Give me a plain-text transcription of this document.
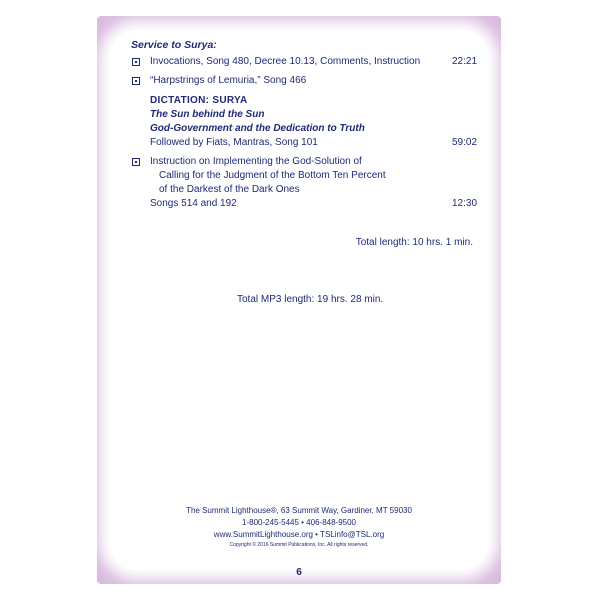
Service to Surya:
Invocations, Song 480, Decree 10.13, Comments, Instruction	22:21
“Harpstrings of Lemuria,” Song 466
DICTATION: SURYA
The Sun behind the Sun
God-Government and the Dedication to Truth
Followed by Fiats, Mantras, Song 101	59:02
Instruction on Implementing the God-Solution of
Calling for the Judgment of the Bottom Ten Percent
of the Darkest of the Dark Ones
Songs 514 and 192	12:30
Total length: 10 hrs. 1 min.
Total MP3 length: 19 hrs. 28 min.
The Summit Lighthouse®, 63 Summit Way, Gardiner, MT 59030
1-800-245-5445 • 406-848-9500
www.SummitLighthouse.org • TSLinfo@TSL.org
Copyright © 2016 Summit Publications, Inc. All rights reserved.
6
